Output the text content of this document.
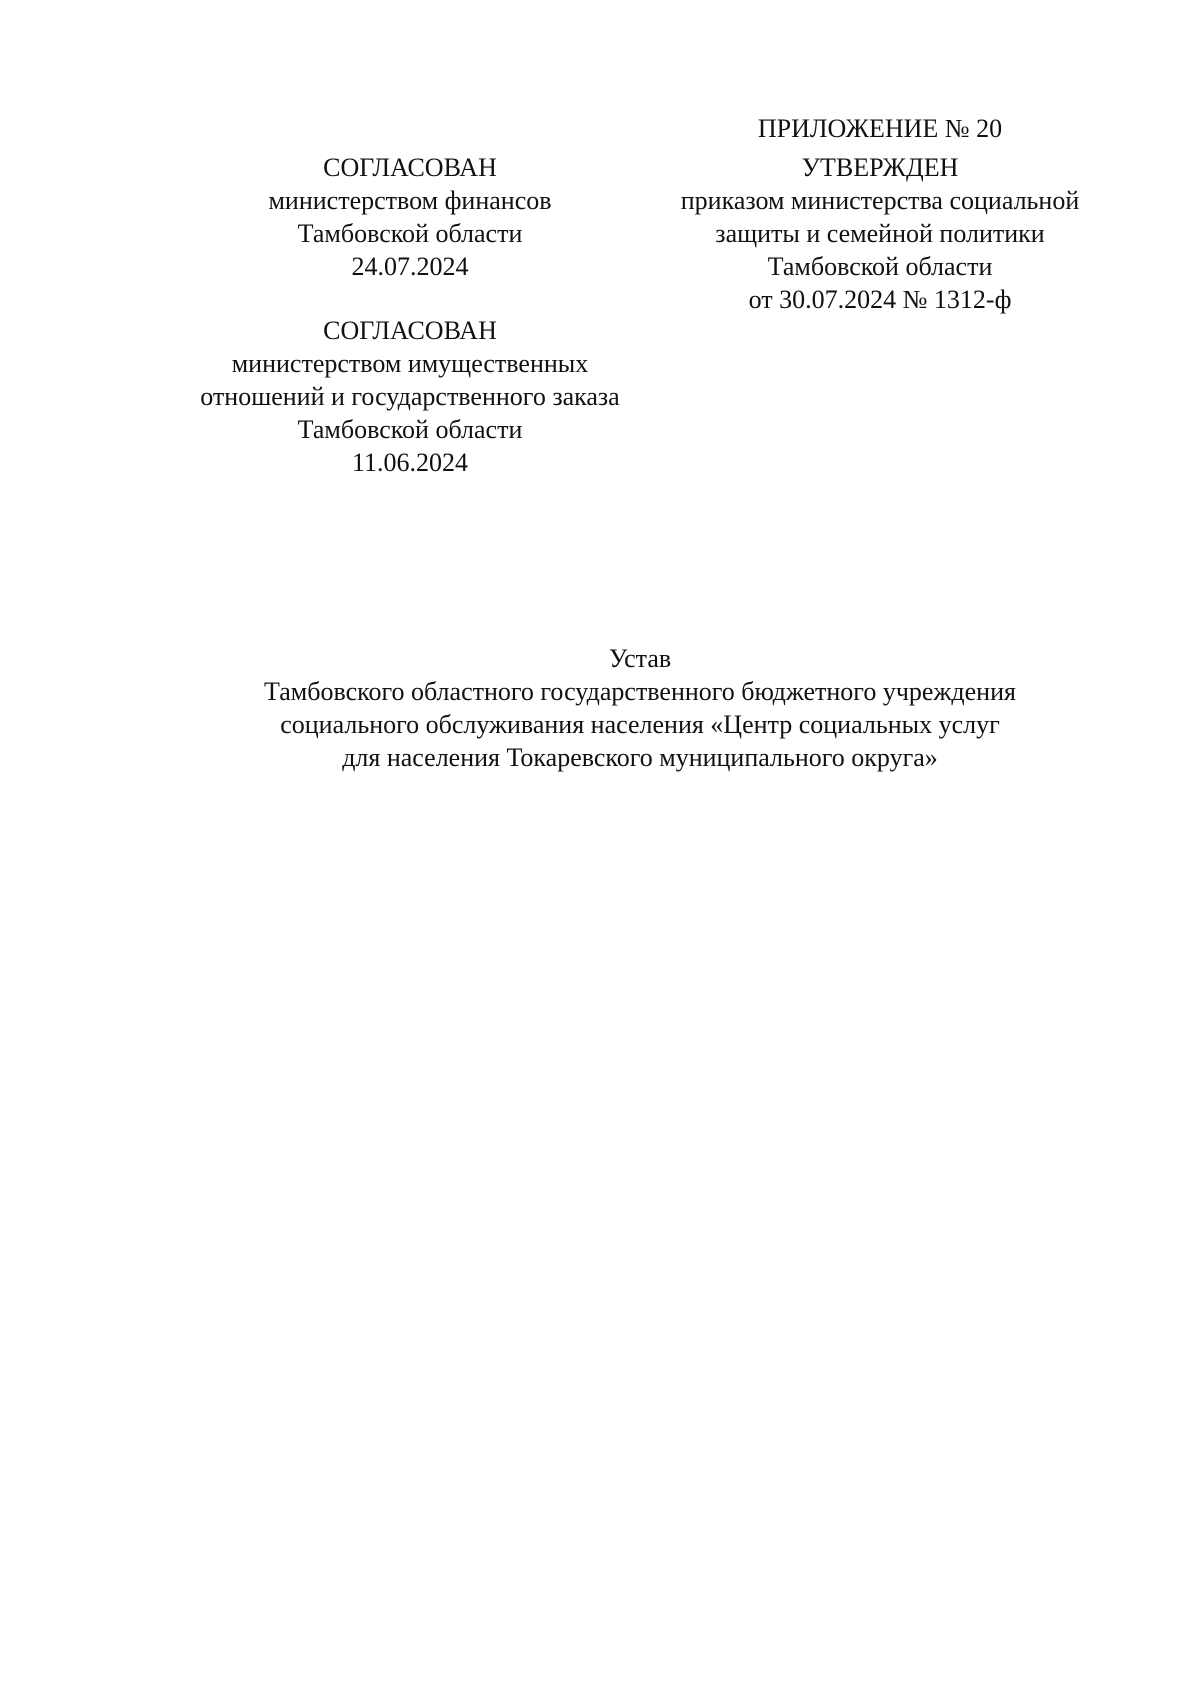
ПРИЛОЖЕНИЕ № 20
УТВЕРЖДЕН
приказом министерства социальной
защиты и семейной политики
Тамбовской области
от 30.07.2024 № 1312-ф
СОГЛАСОВАН
министерством финансов
Тамбовской области
24.07.2024
СОГЛАСОВАН
министерством имущественных
отношений и государственного заказа
Тамбовской области
11.06.2024
Устав
Тамбовского областного государственного бюджетного учреждения
социального обслуживания населения «Центр социальных услуг
для населения Токаревского муниципального округа»
